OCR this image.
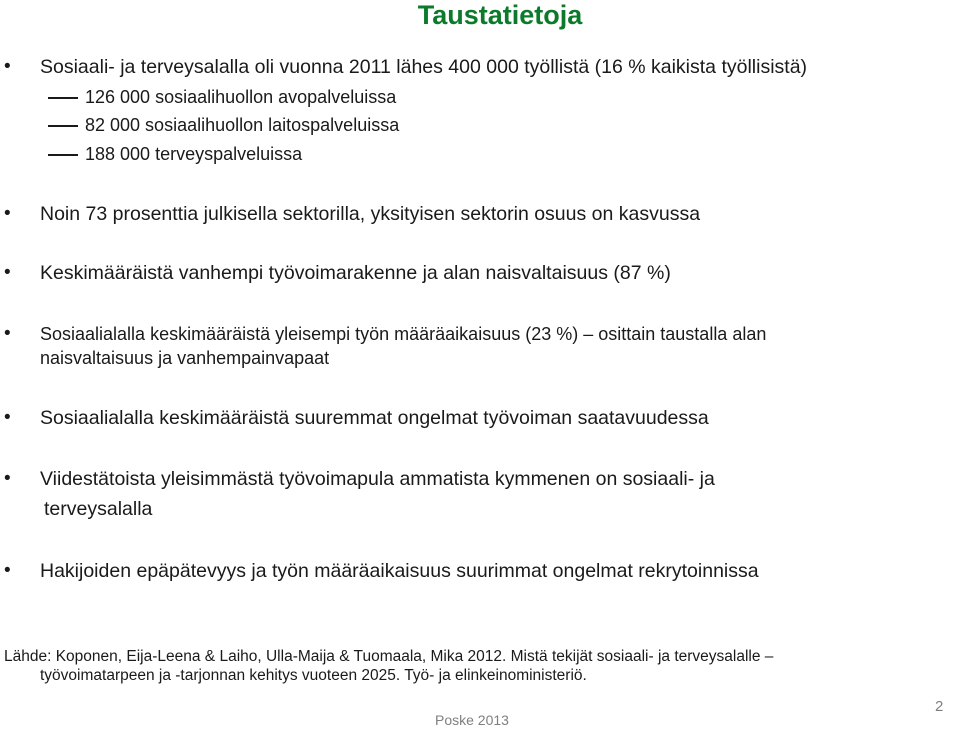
Taustatietoja
• Sosiaali- ja terveysalalla oli vuonna 2011 lähes 400 000 työllistä (16 % kaikista työllisistä)
126 000 sosiaalihuollon avopalveluissa
82 000 sosiaalihuollon laitospalveluissa
188 000 terveyspalveluissa
• Noin 73 prosenttia julkisella sektorilla, yksityisen sektorin osuus on kasvussa
• Keskimääräistä vanhempi työvoimarakenne ja alan naisvaltaisuus (87 %)
• Sosiaalialalla keskimääräistä yleisempi työn määräaikaisuus (23 %) – osittain taustalla alan
naisvaltaisuus ja vanhempainvapaat
• Sosiaalialalla keskimääräistä suuremmat ongelmat työvoiman saatavuudessa
• Viidestätoista yleisimmästä työvoimapula ammatista kymmenen on sosiaali- ja
terveysalalla
• Hakijoiden epäpätevyys ja työn määräaikaisuus suurimmat ongelmat rekrytoinnissa
Lähde: Koponen, Eija-Leena & Laiho, Ulla-Maija & Tuomaala, Mika 2012. Mistä tekijät sosiaali- ja terveysalalle –
työvoimatarpeen ja -tarjonnan kehitys vuoteen 2025. Työ- ja elinkeinoministeriö.
Poske 2013
2
